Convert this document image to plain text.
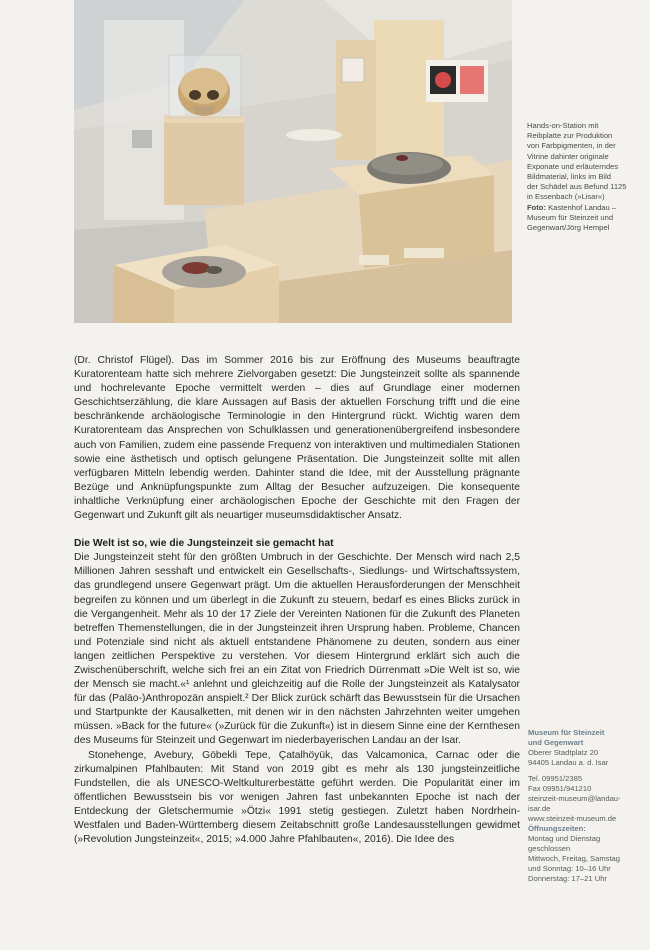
Hands-on-Station mit
Reibplatte zur Produktion
von Farbpigmenten, in der
Vitrine dahinter originale
Exponate und erläuterndes
Bildmaterial, links im Bild
der Schädel aus Befund 1125
in Essenbach (»Lisar«)
Foto: Kastenhof Landau –
Museum für Steinzeit und
Gegenwart/Jörg Hempel

(Dr. Christof Flügel). Das im Sommer 2016 bis zur Eröffnung des Museums beauftragte Kuratorenteam hatte sich mehrere Zielvorgaben gesetzt: Die Jungsteinzeit sollte als spannende und hochrelevante Epoche vermittelt werden – dies auf Grundlage einer modernen Geschichtserzählung, die klare Aussagen auf Basis der aktuellen Forschung trifft und die eine beschränkende archäologische Terminologie in den Hintergrund rückt. Wichtig waren dem Kuratorenteam das Ansprechen von Schulklassen und generationenübergreifend insbesondere auch von Familien, zudem eine passende Frequenz von interaktiven und multimedialen Stationen sowie eine ästhetisch und optisch gelungene Präsentation. Die Jungsteinzeit sollte mit allen verfügbaren Mitteln lebendig werden. Dahinter stand die Idee, mit der Ausstellung prägnante Bezüge und Anknüpfungspunkte zum Alltag der Besucher aufzuzeigen. Die konsequente inhaltliche Verknüpfung einer archäologischen Epoche der Geschichte mit den Fragen der Gegenwart und Zukunft gilt als neuartiger museumsdidaktischer Ansatz.

Die Welt ist so, wie die Jungsteinzeit sie gemacht hat

Die Jungsteinzeit steht für den größten Umbruch in der Geschichte. Der Mensch wird nach 2,5 Millionen Jahren sesshaft und entwickelt ein Gesellschafts-, Siedlungs- und Wirtschaftssystem, das grundlegend unsere Gegenwart prägt. Um die aktuellen Herausforderungen der Menschheit begreifen zu können und um überlegt in die Zukunft zu steuern, bedarf es eines Blicks zurück in die Vergangenheit. Mehr als 10 der 17 Ziele der Vereinten Nationen für die Zukunft des Planeten betreffen Themenstellungen, die in der Jungsteinzeit ihren Ursprung haben. Probleme, Chancen und Potenziale sind nicht als aktuell entstandene Phänomene zu deuten, sondern aus einer langen zeitlichen Perspektive zu verstehen. Vor diesem Hintergrund erklärt sich auch die Zwischenüberschrift, welche sich frei an ein Zitat von Friedrich Dürrenmatt »Die Welt ist so, wie der Mensch sie macht.«¹ anlehnt und gleichzeitig auf die Rolle der Jungsteinzeit als Katalysator für das (Paläo-)Anthropozän anspielt.² Der Blick zurück schärft das Bewusstsein für die Ursachen und Startpunkte der Kausalketten, mit denen wir in den nächsten Jahrzehnten weiter umgehen müssen. »Back for the future« (»Zurück für die Zukunft«) ist in diesem Sinne eine der Kernthesen des Museums für Steinzeit und Gegenwart im niederbayerischen Landau an der Isar.

Stonehenge, Avebury, Göbekli Tepe, Çatalhöyük, das Valcamonica, Carnac oder die zirkumalpinen Pfahlbauten: Mit Stand von 2019 gibt es mehr als 130 jungsteinzeitliche Fundstellen, die als UNESCO-Weltkulturerbestätte geführt werden. Die Popularität einer im öffentlichen Bewusstsein bis vor wenigen Jahren fast unbekannten Epoche ist nach der Entdeckung der Gletschermumie »Ötzi« 1991 stetig gestiegen. Zuletzt haben Nordrhein-Westfalen und Baden-Württemberg diesem Zeitabschnitt große Landesausstellungen gewidmet (»Revolution Jungsteinzeit«, 2015; »4.000 Jahre Pfahlbauten«, 2016). Die Idee des

Museum für Steinzeit
und Gegenwart
Oberer Stadtplatz 20
94405 Landau a. d. Isar
Tel. 09951/2385
Fax 09951/941210
steinzeit-museum@landau-
isar.de
www.steinzeit-museum.de
Öffnungszeiten:
Montag und Dienstag
geschlossen
Mittwoch, Freitag, Samstag
und Sonntag: 10–16 Uhr
Donnerstag: 17–21 Uhr
